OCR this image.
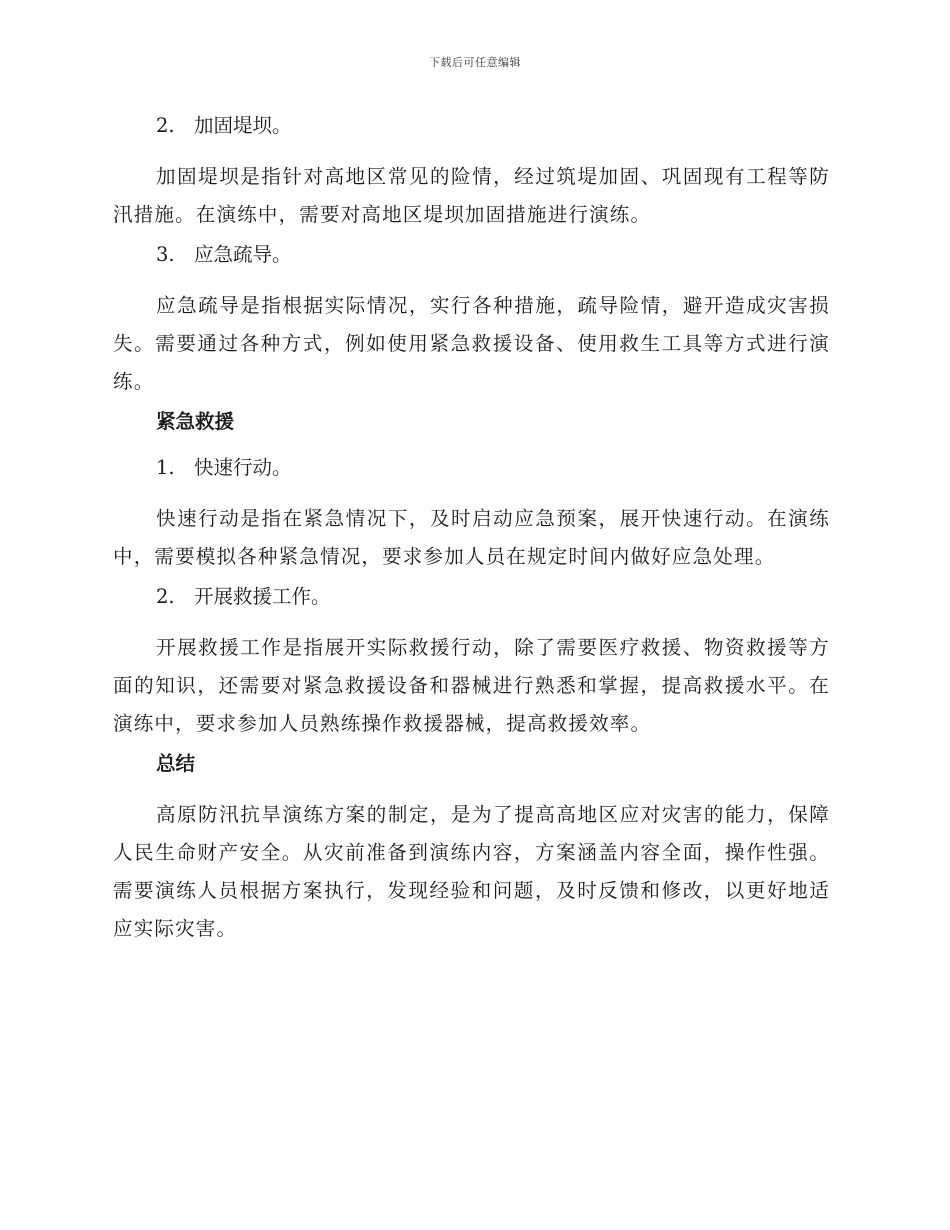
下载后可任意编辑
2. 加固堤坝。

加固堤坝是指针对高地区常见的险情，经过筑堤加固、巩固现有工程等防汛措施。在演练中，需要对高地区堤坝加固措施进行演练。

3. 应急疏导。

应急疏导是指根据实际情况，实行各种措施，疏导险情，避开造成灾害损失。需要通过各种方式，例如使用紧急救援设备、使用救生工具等方式进行演练。

紧急救援
1. 快速行动。

快速行动是指在紧急情况下，及时启动应急预案，展开快速行动。在演练中，需要模拟各种紧急情况，要求参加人员在规定时间内做好应急处理。

2. 开展救援工作。

开展救援工作是指展开实际救援行动，除了需要医疗救援、物资救援等方面的知识，还需要对紧急救援设备和器械进行熟悉和掌握，提高救援水平。在演练中，要求参加人员熟练操作救援器械，提高救援效率。

总结

高原防汛抗旱演练方案的制定，是为了提高高地区应对灾害的能力，保障人民生命财产安全。从灾前准备到演练内容，方案涵盖内容全面，操作性强。需要演练人员根据方案执行，发现经验和问题，及时反馈和修改，以更好地适应实际灾害。
